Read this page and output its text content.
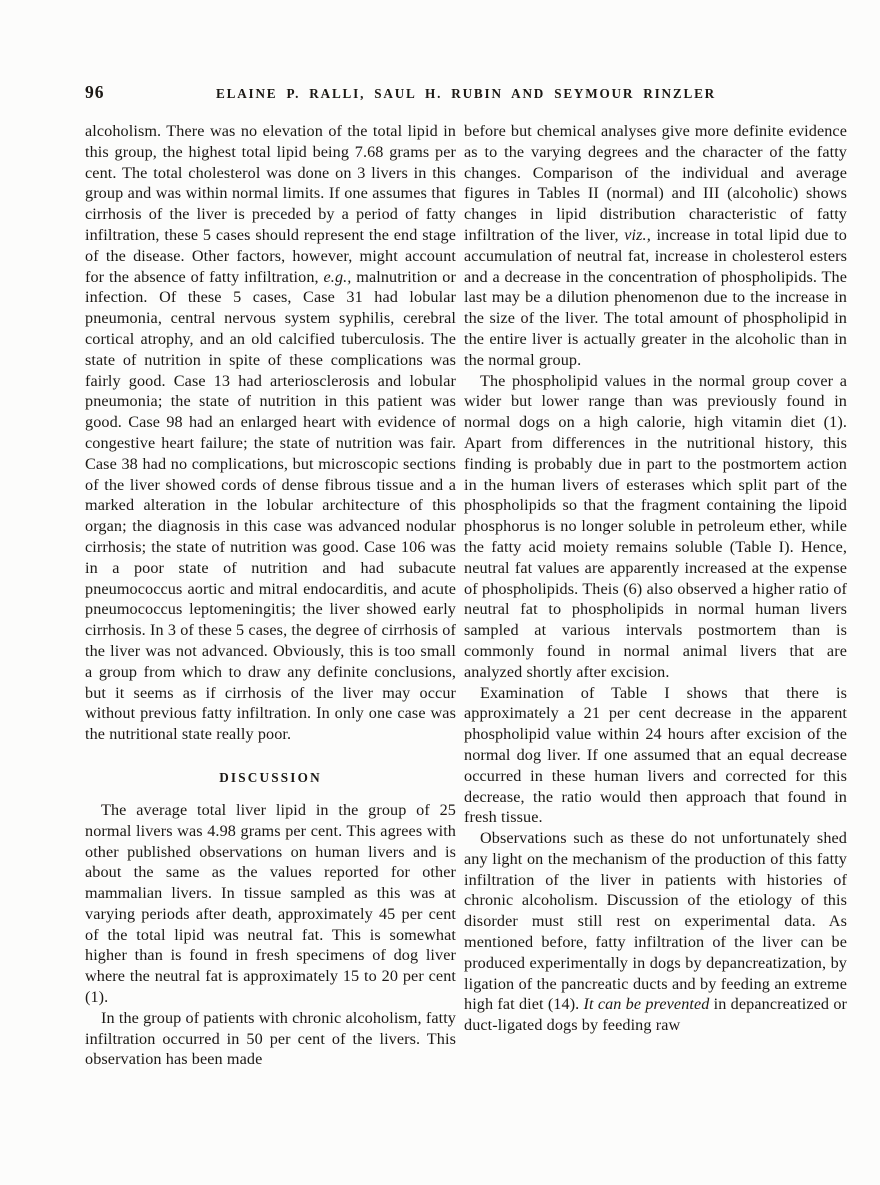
96	ELAINE P. RALLI, SAUL H. RUBIN AND SEYMOUR RINZLER

alcoholism. There was no elevation of the total lipid in this group, the highest total lipid being 7.68 grams per cent. The total cholesterol was done on 3 livers in this group and was within normal limits. If one assumes that cirrhosis of the liver is preceded by a period of fatty infiltration, these 5 cases should represent the end stage of the disease. Other factors, however, might account for the absence of fatty infiltration, e.g., malnutrition or infection. Of these 5 cases, Case 31 had lobular pneumonia, central nervous system syphilis, cerebral cortical atrophy, and an old calcified tuberculosis. The state of nutrition in spite of these complications was fairly good. Case 13 had arteriosclerosis and lobular pneumonia; the state of nutrition in this patient was good. Case 98 had an enlarged heart with evidence of congestive heart failure; the state of nutrition was fair. Case 38 had no complications, but microscopic sections of the liver showed cords of dense fibrous tissue and a marked alteration in the lobular architecture of this organ; the diagnosis in this case was advanced nodular cirrhosis; the state of nutrition was good. Case 106 was in a poor state of nutrition and had subacute pneumococcus aortic and mitral endocarditis, and acute pneumococcus leptomeningitis; the liver showed early cirrhosis. In 3 of these 5 cases, the degree of cirrhosis of the liver was not advanced. Obviously, this is too small a group from which to draw any definite conclusions, but it seems as if cirrhosis of the liver may occur without previous fatty infiltration. In only one case was the nutritional state really poor.

DISCUSSION

The average total liver lipid in the group of 25 normal livers was 4.98 grams per cent. This agrees with other published observations on human livers and is about the same as the values reported for other mammalian livers. In tissue sampled as this was at varying periods after death, approximately 45 per cent of the total lipid was neutral fat. This is somewhat higher than is found in fresh specimens of dog liver where the neutral fat is approximately 15 to 20 per cent (1).

In the group of patients with chronic alcoholism, fatty infiltration occurred in 50 per cent of the livers. This observation has been made

before but chemical analyses give more definite evidence as to the varying degrees and the character of the fatty changes. Comparison of the individual and average figures in Tables II (normal) and III (alcoholic) shows changes in lipid distribution characteristic of fatty infiltration of the liver, viz., increase in total lipid due to accumulation of neutral fat, increase in cholesterol esters and a decrease in the concentration of phospholipids. The last may be a dilution phenomenon due to the increase in the size of the liver. The total amount of phospholipid in the entire liver is actually greater in the alcoholic than in the normal group.

The phospholipid values in the normal group cover a wider but lower range than was previously found in normal dogs on a high calorie, high vitamin diet (1). Apart from differences in the nutritional history, this finding is probably due in part to the postmortem action in the human livers of esterases which split part of the phospholipids so that the fragment containing the lipoid phosphorus is no longer soluble in petroleum ether, while the fatty acid moiety remains soluble (Table I). Hence, neutral fat values are apparently increased at the expense of phospholipids. Theis (6) also observed a higher ratio of neutral fat to phospholipids in normal human livers sampled at various intervals postmortem than is commonly found in normal animal livers that are analyzed shortly after excision.

Examination of Table I shows that there is approximately a 21 per cent decrease in the apparent phospholipid value within 24 hours after excision of the normal dog liver. If one assumed that an equal decrease occurred in these human livers and corrected for this decrease, the ratio would then approach that found in fresh tissue.

Observations such as these do not unfortunately shed any light on the mechanism of the production of this fatty infiltration of the liver in patients with histories of chronic alcoholism. Discussion of the etiology of this disorder must still rest on experimental data. As mentioned before, fatty infiltration of the liver can be produced experimentally in dogs by depancreatization, by ligation of the pancreatic ducts and by feeding an extreme high fat diet (14). It can be prevented in depancreatized or duct-ligated dogs by feeding raw
